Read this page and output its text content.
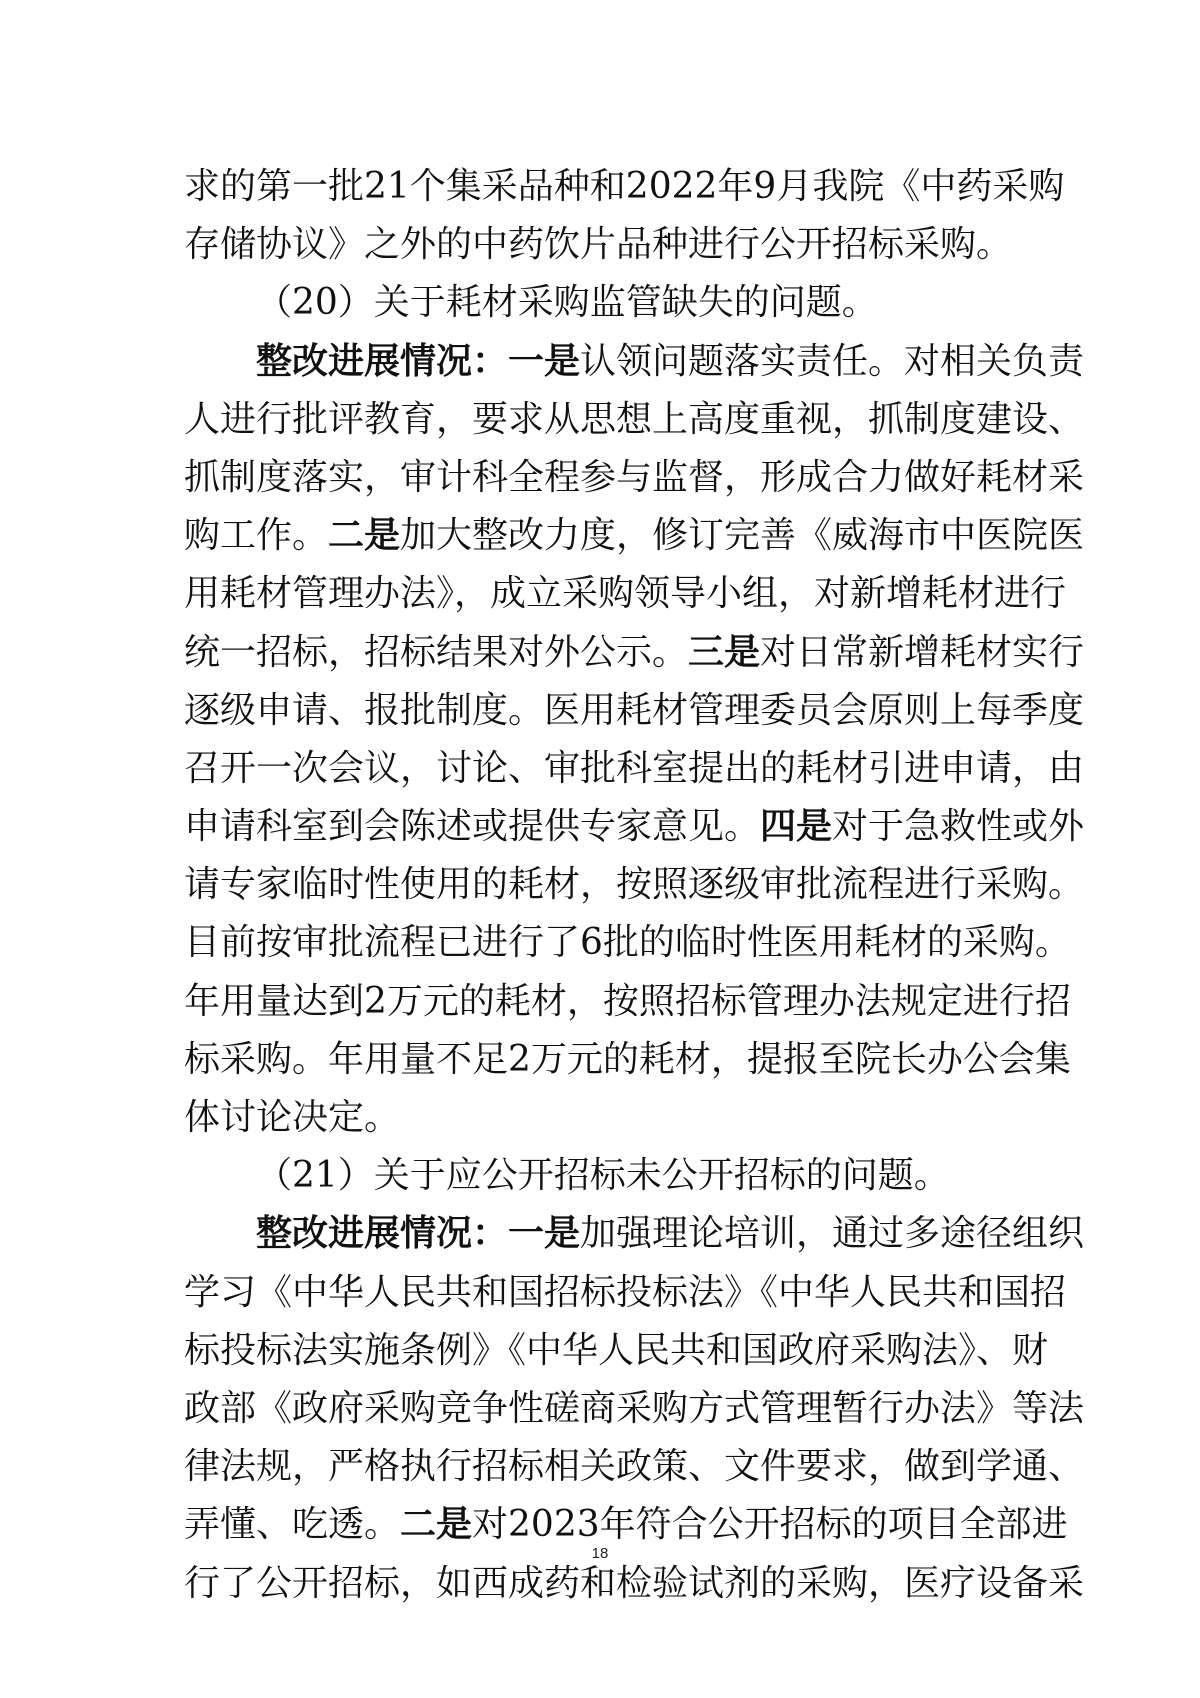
求的第一批21个集采品种和2022年9月我院《中药采购
存储协议》之外的中药饮片品种进行公开招标采购。
（20）关于耗材采购监管缺失的问题。
整改进展情况：一是认领问题落实责任。对相关负责
人进行批评教育，要求从思想上高度重视，抓制度建设、
抓制度落实，审计科全程参与监督，形成合力做好耗材采
购工作。二是加大整改力度，修订完善《威海市中医院医
用耗材管理办法》，成立采购领导小组，对新增耗材进行
统一招标，招标结果对外公示。三是对日常新增耗材实行
逐级申请、报批制度。医用耗材管理委员会原则上每季度
召开一次会议，讨论、审批科室提出的耗材引进申请，由
申请科室到会陈述或提供专家意见。四是对于急救性或外
请专家临时性使用的耗材，按照逐级审批流程进行采购。
目前按审批流程已进行了6批的临时性医用耗材的采购。
年用量达到2万元的耗材，按照招标管理办法规定进行招
标采购。年用量不足2万元的耗材，提报至院长办公会集
体讨论决定。
（21）关于应公开招标未公开招标的问题。
整改进展情况：一是加强理论培训，通过多途径组织
学习《中华人民共和国招标投标法》《中华人民共和国招
标投标法实施条例》《中华人民共和国政府采购法》、财
政部《政府采购竞争性磋商采购方式管理暂行办法》等法
律法规，严格执行招标相关政策、文件要求，做到学通、
弄懂、吃透。二是对2023年符合公开招标的项目全部进
行了公开招标，如西成药和检验试剂的采购，医疗设备采
18
